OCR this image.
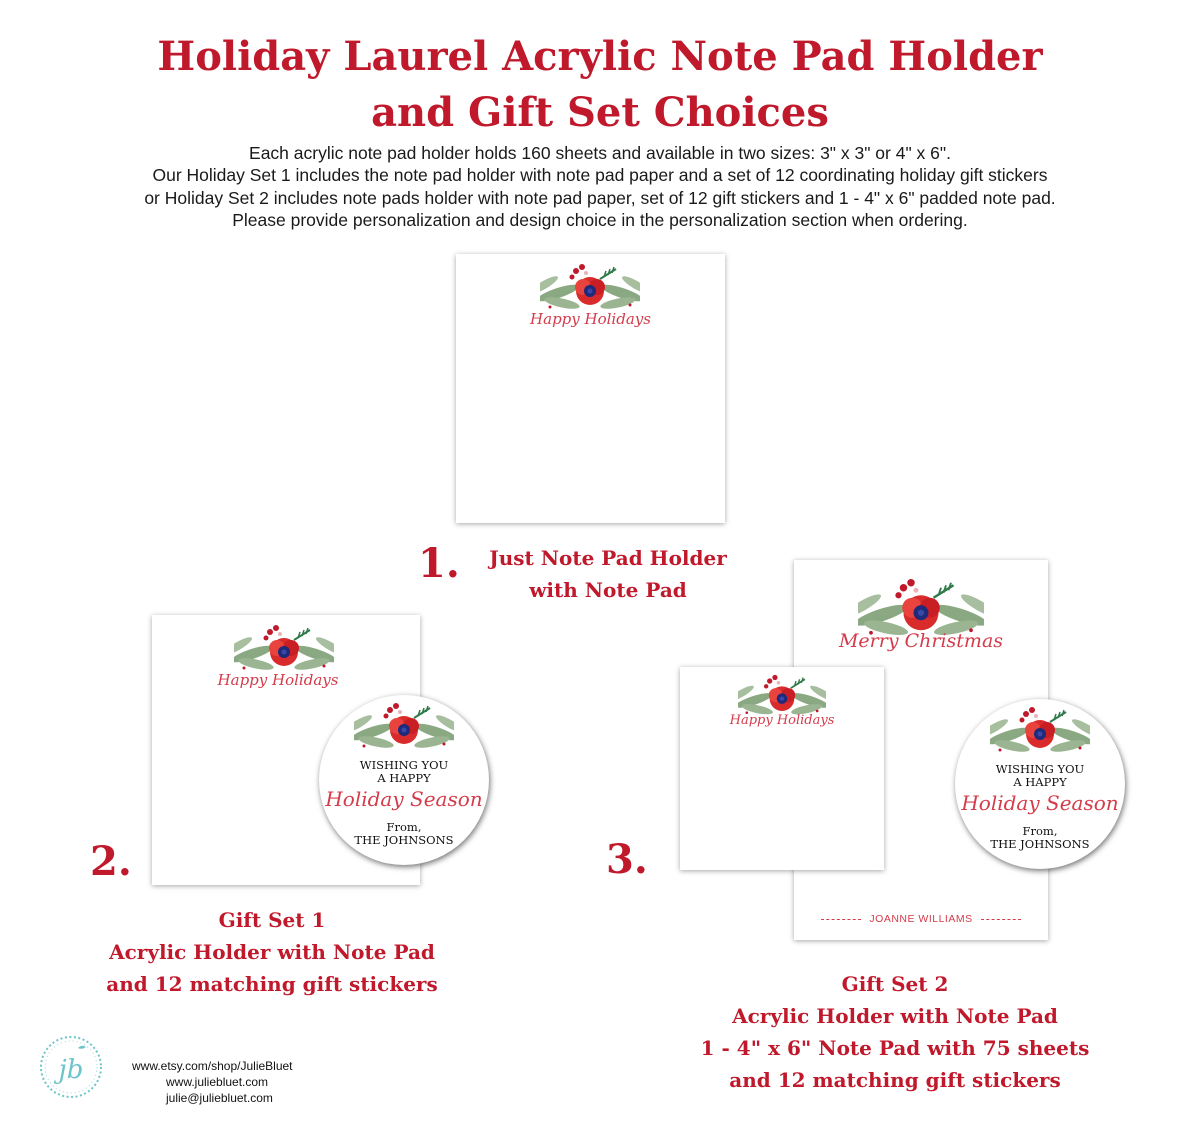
Holiday Laurel Acrylic Note Pad Holder
and Gift Set Choices
Each acrylic note pad holder holds 160 sheets and available in two sizes: 3" x 3" or 4" x 6".
Our Holiday Set 1 includes the note pad holder with note pad paper and a set of 12 coordinating holiday gift stickers
or Holiday Set 2 includes note pads holder with note pad paper, set of 12 gift stickers and 1 - 4" x 6" padded note pad.
Please provide personalization and design choice in the personalization section when ordering.
Happy Holidays
1.	Just Note Pad Holder
with Note Pad
Happy Holidays
WISHING YOU
A HAPPY
Holiday Season
From,
THE JOHNSONS
2.
Gift Set 1
Acrylic Holder with Note Pad
and 12 matching gift stickers
Merry Christmas
JOANNE WILLIAMS
Happy Holidays
WISHING YOU
A HAPPY
Holiday Season
From,
THE JOHNSONS
3.
Gift Set 2
Acrylic Holder with Note Pad
1 - 4" x 6" Note Pad with 75 sheets
and 12 matching gift stickers
jb	www.etsy.com/shop/JulieBluet
www.juliebluet.com
julie@juliebluet.com
